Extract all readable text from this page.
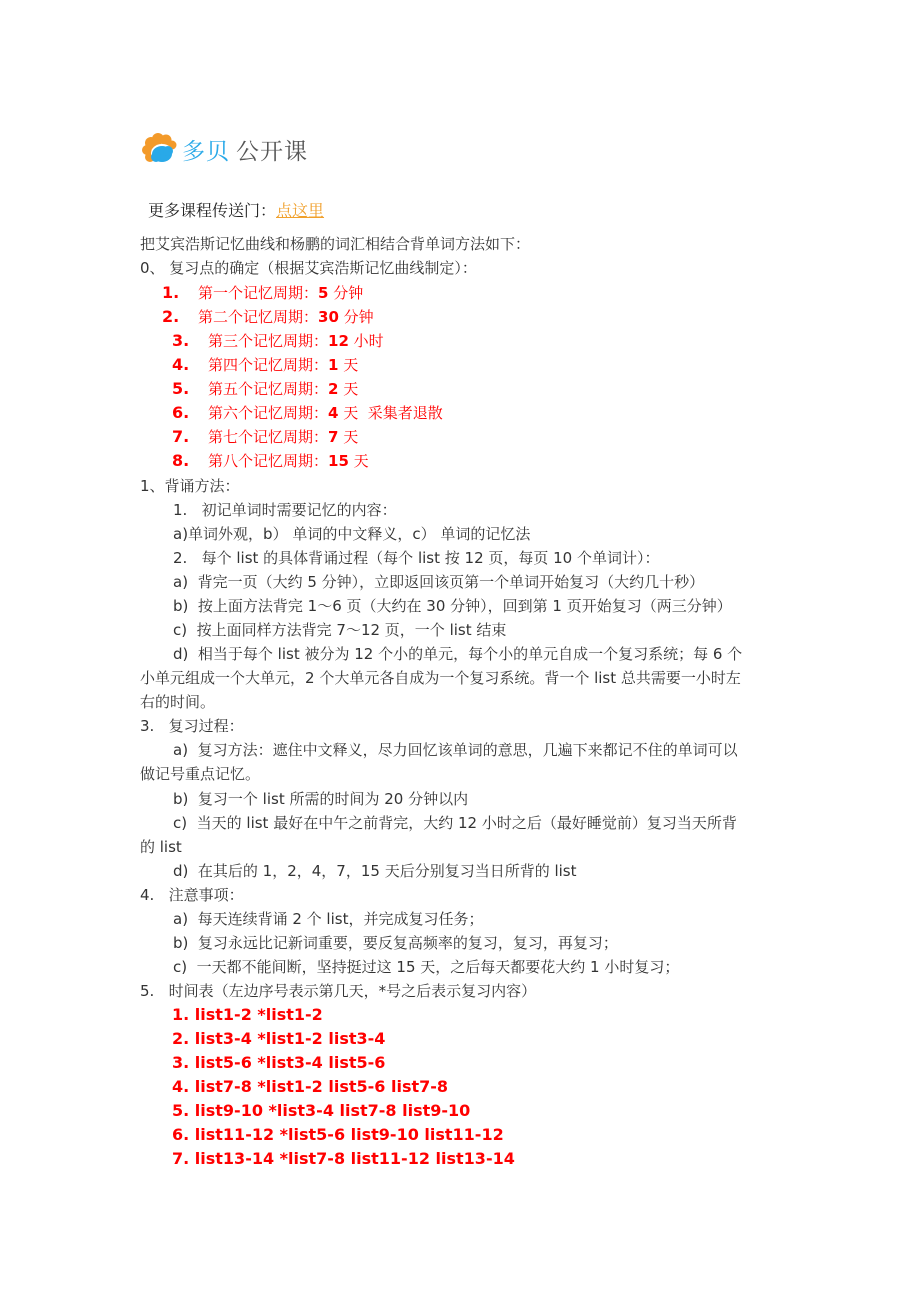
多贝 公开课
更多课程传送门：点这里
把艾宾浩斯记忆曲线和杨鹏的词汇相结合背单词方法如下：
0、 复习点的确定（根据艾宾浩斯记忆曲线制定）：
1. 第一个记忆周期：5 分钟
2. 第二个记忆周期：30 分钟
3. 第三个记忆周期：12 小时
4. 第四个记忆周期：1 天
5. 第五个记忆周期：2 天
6. 第六个记忆周期：4 天  采集者退散
7. 第七个记忆周期：7 天
8. 第八个记忆周期：15 天
1、背诵方法：
1.   初记单词时需要记忆的内容：
a)单词外观，b） 单词的中文释义，c） 单词的记忆法
2.   每个 list 的具体背诵过程（每个 list 按 12 页，每页 10 个单词计）：
a)  背完一页（大约 5 分钟），立即返回该页第一个单词开始复习（大约几十秒）
b)  按上面方法背完 1～6 页（大约在 30 分钟），回到第 1 页开始复习（两三分钟）
c)  按上面同样方法背完 7～12 页，一个 list 结束
d)  相当于每个 list 被分为 12 个小的单元，每个小的单元自成一个复习系统；每 6 个
小单元组成一个大单元，2 个大单元各自成为一个复习系统。背一个 list 总共需要一小时左
右的时间。
3.   复习过程：
a)  复习方法：遮住中文释义，尽力回忆该单词的意思，几遍下来都记不住的单词可以
做记号重点记忆。
b)  复习一个 list 所需的时间为 20 分钟以内
c)  当天的 list 最好在中午之前背完，大约 12 小时之后（最好睡觉前）复习当天所背
的 list
d)  在其后的 1，2，4，7，15 天后分别复习当日所背的 list
4.   注意事项：
a)  每天连续背诵 2 个 list，并完成复习任务；
b)  复习永远比记新词重要，要反复高频率的复习，复习，再复习；
c)  一天都不能间断，坚持挺过这 15 天，之后每天都要花大约 1 小时复习；
5.   时间表（左边序号表示第几天，*号之后表示复习内容）
1. list1-2 *list1-2
2. list3-4 *list1-2 list3-4
3. list5-6 *list3-4 list5-6
4. list7-8 *list1-2 list5-6 list7-8
5. list9-10 *list3-4 list7-8 list9-10
6. list11-12 *list5-6 list9-10 list11-12
7. list13-14 *list7-8 list11-12 list13-14
